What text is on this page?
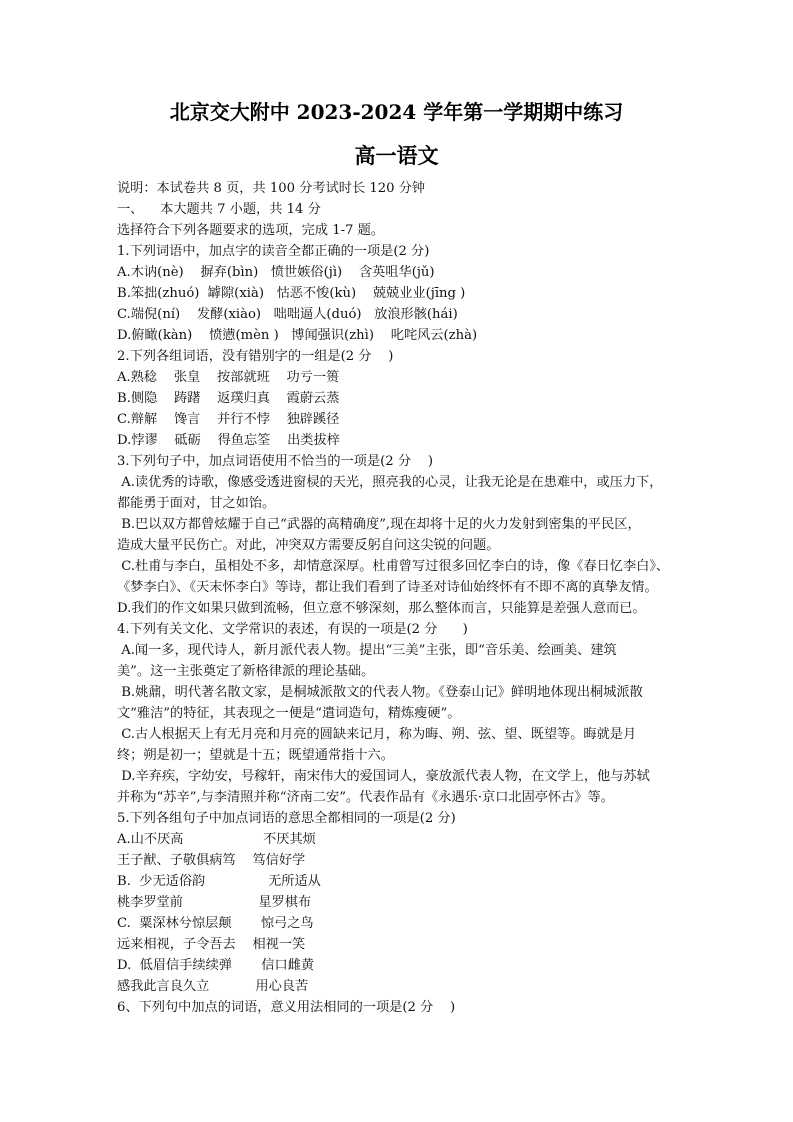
北京交大附中 2023-2024 学年第一学期期中练习
高一语文
说明：本试卷共 8 页，共 100 分考试时长 120 分钟
一、    本大题共 7 小题，共 14 分
选择符合下列各题要求的选项，完成 1-7 题。
1.下列词语中，加点字的读音全都正确的一项是(2 分)
A.木讷(nè)    摒弃(bìn)   愤世嫉俗(jì)    含英咀华(jǔ)
B.笨拙(zhuó)  罅隙(xià)   怙恶不悛(kù)    兢兢业业(jīng )
C.端倪(ní)    发酵(xiào)   咄咄逼人(duó)   放浪形骸(hái)
D.俯瞰(kàn)    愤懑(mèn )   博闻强识(zhì)    叱咤风云(zhà)
2.下列各组词语，没有错别字的一组是(2 分    )
A.熟稔    张皇    按部就班    功亏一篑
B.侧隐    踌躇    返璞归真    霞蔚云蒸
C.辩解    馋言    并行不悖    独辟蹊径
D.悖谬    砥砺    得鱼忘筌    出类拔梓
3.下列句子中，加点词语使用不恰当的一项是(2 分    )
A.读优秀的诗歌，像感受透进窗棂的天光，照亮我的心灵，让我无论是在患难中，或压力下，
都能勇于面对，甘之如饴。
B.巴以双方都曾炫耀于自己“武器的高精确度”,现在却将十足的火力发射到密集的平民区，
造成大量平民伤亡。对此，冲突双方需要反躬自问这尖锐的问题。
C.杜甫与李白，虽相处不多，却情意深厚。杜甫曾写过很多回忆李白的诗，像《春日忆李白》、
《梦李白》、《天末怀李白》等诗，都让我们看到了诗圣对诗仙始终怀有不即不离的真挚友情。
D.我们的作文如果只做到流畅，但立意不够深刻，那么整体而言，只能算是差强人意而已。
4.下列有关文化、文学常识的表述，有误的一项是(2 分      )
A.闻一多，现代诗人，新月派代表人物。提出“三美”主张，即“音乐美、绘画美、建筑
美”。这一主张奠定了新格律派的理论基础。
B.姚鼐，明代著名散文家，是桐城派散文的代表人物。《登泰山记》鲜明地体现出桐城派散
文“雅洁”的特征，其表现之一便是“遣词造句，精炼瘦硬”。
C.古人根据天上有无月亮和月亮的圆缺来记月，称为晦、朔、弦、望、既望等。晦就是月
终；朔是初一；望就是十五；既望通常指十六。
D.辛弃疾，字幼安，号稼轩，南宋伟大的爱国词人，豪放派代表人物，在文学上，他与苏轼
并称为“苏辛”,与李清照并称“济南二安”。代表作品有《永遇乐·京口北固亭怀古》等。
5.下列各组句子中加点词语的意思全都相同的一项是(2 分)
A.山不厌高                   不厌其烦
王子猷、子敬俱病笃    笃信好学
B.  少无适俗韵               无所适从
桃李罗堂前                  星罗棋布
C.  粟深林兮惊层颠       惊弓之鸟
远来相视，子令吾去    相视一笑
D.  低眉信手续续弹       信口雌黄
感我此言良久立           用心良苦
6、下列句中加点的词语，意义用法相同的一项是(2 分    )
